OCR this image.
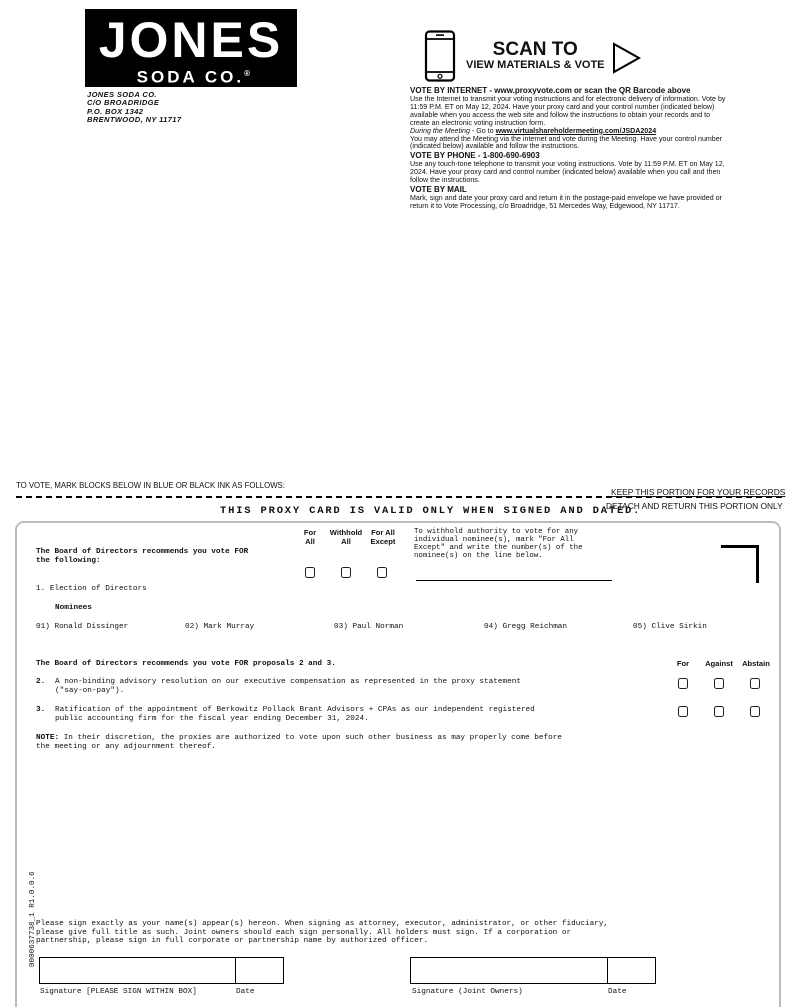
JONES
SODA CO.®
JONES SODA CO.
C/O BROADRIDGE
P.O. BOX 1342
BRENTWOOD, NY 11717
SCAN TO
VIEW MATERIALS & VOTE
VOTE BY INTERNET - www.proxyvote.com or scan the QR Barcode above

Use the Internet to transmit your voting instructions and for electronic delivery of information. Vote by 11:59 P.M. ET on May 12, 2024. Have your proxy card and your control number (indicated below) available when you access the web site and follow the instructions to obtain your records and to create an electronic voting instruction form.

During the Meeting - Go to www.virtualshareholdermeeting.com/JSDA2024

You may attend the Meeting via the internet and vote during the Meeting. Have your control number (indicated below) available and follow the instructions.

VOTE BY PHONE - 1-800-690-6903

Use any touch-tone telephone to transmit your voting instructions. Vote by 11:59 P.M. ET on May 12, 2024. Have your proxy card and control number (indicated below) available when you call and then follow the instructions.

VOTE BY MAIL

Mark, sign and date your proxy card and return it in the postage-paid envelope we have provided or return it to Vote Processing, c/o Broadridge, 51 Mercedes Way, Edgewood, NY 11717.

TO VOTE, MARK BLOCKS BELOW IN BLUE OR BLACK INK AS FOLLOWS:
KEEP THIS PORTION FOR YOUR RECORDS
DETACH AND RETURN THIS PORTION ONLY
THIS PROXY CARD IS VALID ONLY WHEN SIGNED AND DATED.
The Board of Directors recommends you vote FOR
the following:
For
All
Withhold
All
For All
Except
To withhold authority to vote for any
individual nominee(s), mark "For All
Except" and write the number(s) of the
nominee(s) on the line below.
1. Election of Directors
Nominees
01) Ronald Dissinger	02) Mark Murray	03) Paul Norman	04) Gregg Reichman	05) Clive Sirkin
The Board of Directors recommends you vote FOR proposals 2 and 3.	For	Against	Abstain
2. A non-binding advisory resolution on our executive compensation as represented in the proxy statement
("say-on-pay").
3. Ratification of the appointment of Berkowitz Pollack Brant Advisors + CPAs as our independent registered
public accounting firm for the fiscal year ending December 31, 2024.
NOTE: In their discretion, the proxies are authorized to vote upon such other business as may properly come before
the meeting or any adjournment thereof.
0000637738_1 R1.0.0.6 Please sign exactly as your name(s) appear(s) hereon. When signing as attorney, executor, administrator, or other fiduciary,
please give full title as such. Joint owners should each sign personally. All holders must sign. If a corporation or
partnership, please sign in full corporate or partnership name by authorized officer.
Signature [PLEASE SIGN WITHIN BOX]	Date	Signature (Joint Owners)	Date
